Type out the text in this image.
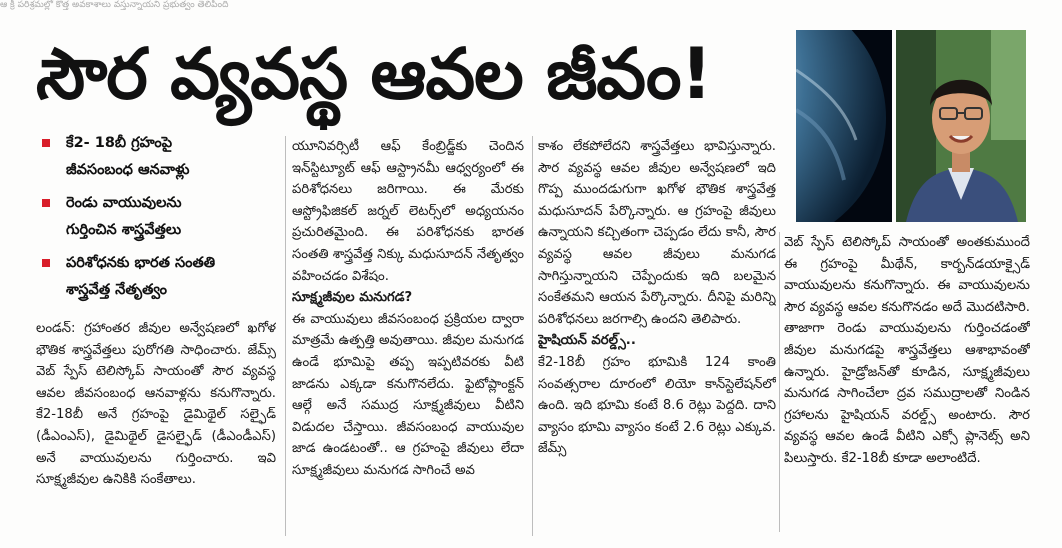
ఆ క్రీ పరిశ్రమల్లో కొత్త అవకాశాలు వస్తున్నాయని ప్రభుత్వం తెలిపింది
సౌర వ్యవస్థ ఆవల జీవం!
కే2- 18బీ గ్రహంపై
జీవసంబంధ ఆనవాళ్లు
రెండు వాయువులను
గుర్తించిన శాస్త్రవేత్తలు
పరిశోధనకు భారత సంతతి
శాస్త్రవేత్త నేతృత్వం

లండన్‌: గ్రహాంతర జీవుల అన్వేషణలో ఖగోళ భౌతిక శాస్త్రవేత్తలు పురోగతి సాధించారు. జేమ్స్‌ వెబ్‌ స్పేస్‌ టెలిస్కోప్‌ సాయంతో సౌర వ్యవస్థ ఆవల జీవసంబంధ ఆనవాళ్లను కనుగొన్నారు. కే2-18బీ అనే గ్రహంపై డైమిథైల్‌ సల్ఫైడ్‌ (డీఎంఎస్‌), డైమిథైల్‌ డైసల్ఫైడ్‌ (డీఎండీఎస్‌) అనే వాయువులను గుర్తించారు. ఇవి సూక్ష్మజీవుల ఉనికికి సంకేతాలు.

యూనివర్సిటీ ఆఫ్‌ కేంబ్రిడ్జ్‌కు చెందిన ఇన్‌స్టిట్యూట్‌ ఆఫ్‌ ఆస్ట్రానమీ ఆధ్వర్యంలో ఈ పరిశోధనలు జరిగాయి. ఈ మేరకు ఆస్ట్రోఫిజికల్‌ జర్నల్‌ లెటర్స్‌లో అధ్యయనం ప్రచురితమైంది. ఈ పరిశోధనకు భారత సంతతి శాస్త్రవేత్త నిక్కు మధుసూదన్‌ నేతృత్వం వహించడం విశేషం.

సూక్ష్మజీవుల మనుగడ?

ఈ వాయువులు జీవసంబంధ ప్రక్రియల ద్వారా మాత్రమే ఉత్పత్తి అవుతాయి. జీవుల మనుగడ ఉండే భూమిపై తప్ప ఇప్పటివరకు వీటి జాడను ఎక్కడా కనుగొనలేదు. ఫైటోప్లాంక్టన్‌ ఆల్గే అనే సముద్ర సూక్ష్మజీవులు వీటిని విడుదల చేస్తాయి. జీవసంబంధ వాయువుల జాడ ఉండటంతో.. ఆ గ్రహంపై జీవులు లేదా సూక్ష్మజీవులు మనుగడ సాగించే అవ

కాశం లేకపోలేదని శాస్త్రవేత్తలు భావిస్తున్నారు. సౌర వ్యవస్థ ఆవల జీవుల అన్వేషణలో ఇది గొప్ప ముందడుగుగా ఖగోళ భౌతిక శాస్త్రవేత్త మధుసూదన్‌ పేర్కొన్నారు. ఆ గ్రహంపై జీవులు ఉన్నాయని కచ్చితంగా చెప్పడం లేదు కానీ, సౌర వ్యవస్థ ఆవల జీవులు మనుగడ సాగిస్తున్నాయని చెప్పేందుకు ఇది బలమైన సంకేతమని ఆయన పేర్కొన్నారు. దీనిపై మరిన్ని పరిశోధనలు జరగాల్సి ఉందని తెలిపారు.

హైషియన్‌ వరల్డ్స్‌..

కే2-18బీ గ్రహం భూమికి 124 కాంతి సంవత్సరాల దూరంలో లియో కాన్‌స్టెలేషన్‌లో ఉంది. ఇది భూమి కంటే 8.6 రెట్లు పెద్దది. దాని వ్యాసం భూమి వ్యాసం కంటే 2.6 రెట్లు ఎక్కువ. జేమ్స్‌

వెబ్‌ స్పేస్‌ టెలిస్కోప్‌ సాయంతో అంతకుముందే ఈ గ్రహంపై మీథేన్‌, కార్బన్‌డయాక్సైడ్‌ వాయువులను కనుగొన్నారు. ఈ వాయువులను సౌర వ్యవస్థ ఆవల కనుగొనడం అదే మొదటిసారి. తాజాగా రెండు వాయువులను గుర్తించడంతో జీవుల మనుగడపై శాస్త్రవేత్తలు ఆశాభావంతో ఉన్నారు. హైడ్రోజన్‌తో కూడిన, సూక్ష్మజీవులు మనుగడ సాగించేలా ద్రవ సముద్రాలతో నిండిన గ్రహాలను హైషియన్‌ వరల్డ్స్‌ అంటారు. సౌర వ్యవస్థ ఆవల ఉండే వీటిని ఎక్సో ప్లానెట్స్‌ అని పిలుస్తారు. కే2-18బీ కూడా అలాంటిదే.
